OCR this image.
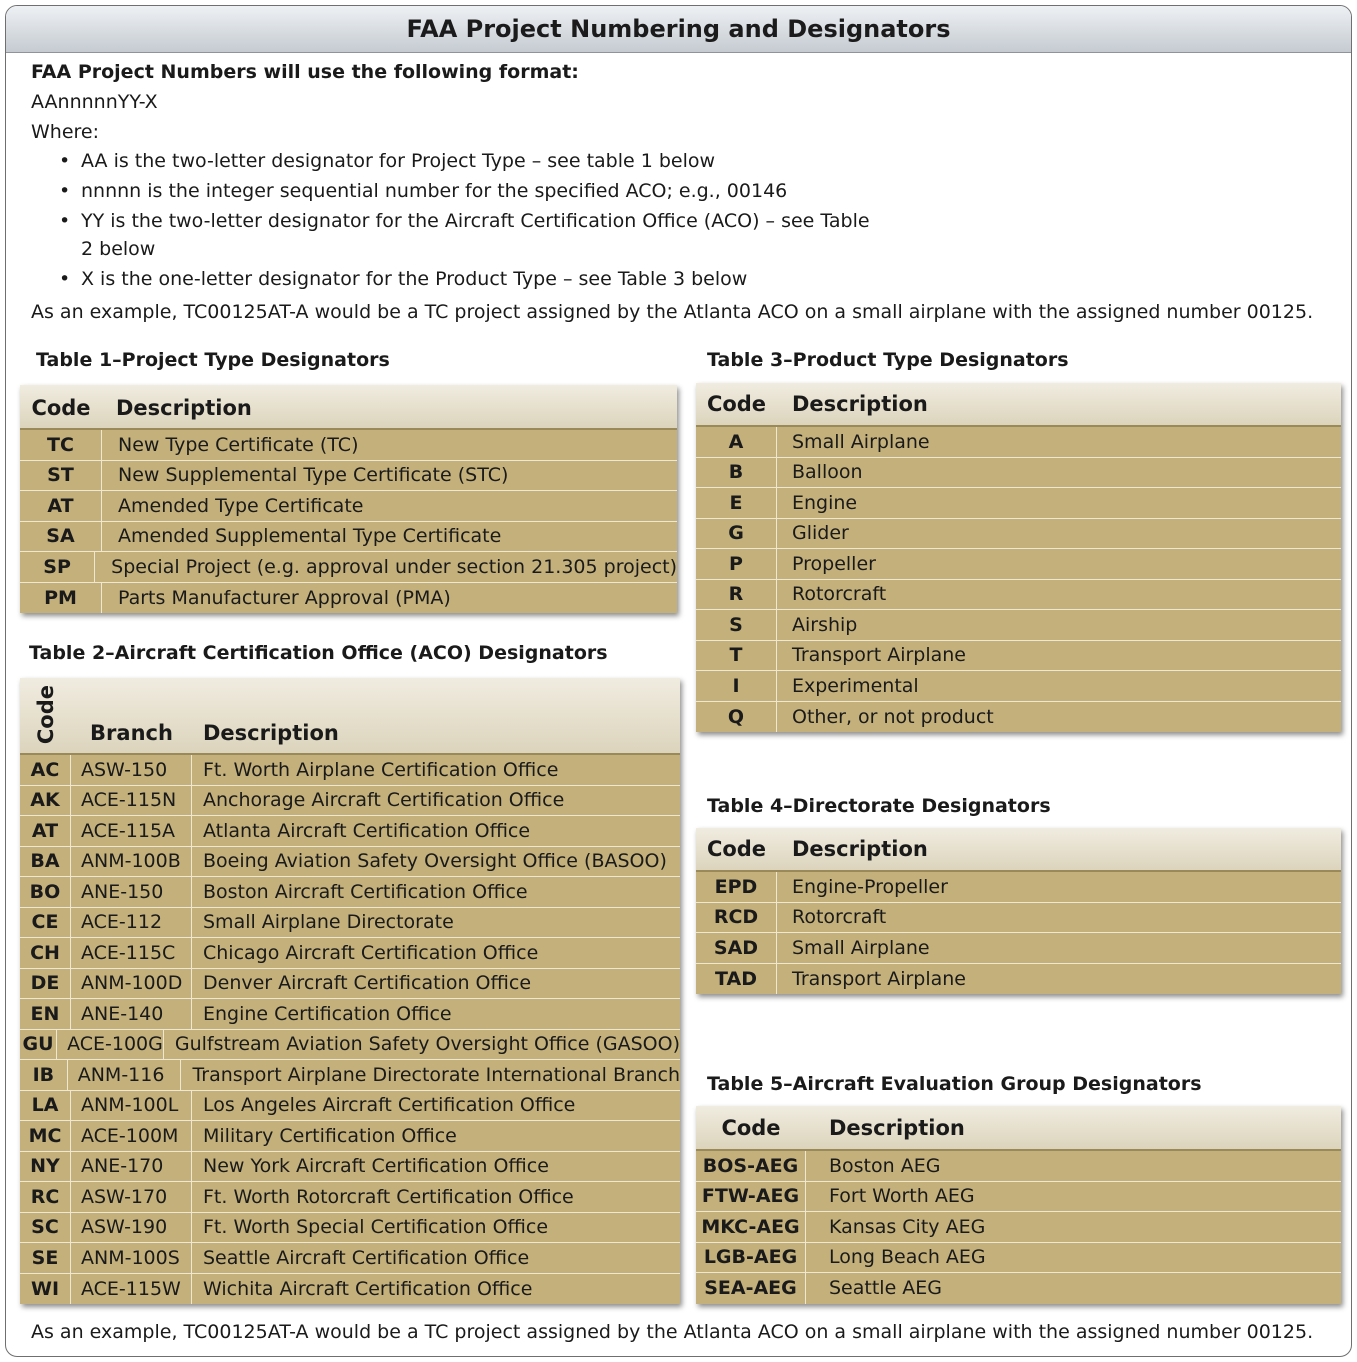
FAA Project Numbering and Designators
FAA Project Numbers will use the following format:
AAnnnnnYY-X
Where:
• AA is the two-letter designator for Project Type – see table 1 below
• nnnnn is the integer sequential number for the specified ACO; e.g., 00146
• YY is the two-letter designator for the Aircraft Certification Office (ACO) – see Table 2 below
• X is the one-letter designator for the Product Type – see Table 3 below
As an example, TC00125AT-A would be a TC project assigned by the Atlanta ACO on a small airplane with the assigned number 00125.
Table 1–Project Type Designators
Code	Description
TC	New Type Certificate (TC)
ST	New Supplemental Type Certificate (STC)
AT	Amended Type Certificate
SA	Amended Supplemental Type Certificate
SP	Special Project (e.g. approval under section 21.305 project)
PM	Parts Manufacturer Approval (PMA)
Table 2–Aircraft Certification Office (ACO) Designators
Code	Branch	Description
AC	ASW-150	Ft. Worth Airplane Certification Office
AK	ACE-115N	Anchorage Aircraft Certification Office
AT	ACE-115A	Atlanta Aircraft Certification Office
BA	ANM-100B	Boeing Aviation Safety Oversight Office (BASOO)
BO	ANE-150	Boston Aircraft Certification Office
CE	ACE-112	Small Airplane Directorate
CH	ACE-115C	Chicago Aircraft Certification Office
DE	ANM-100D	Denver Aircraft Certification Office
EN	ANE-140	Engine Certification Office
GU ACE-100G Gulfstream Aviation Safety Oversight Office (GASOO)
IB	ANM-116	Transport Airplane Directorate International Branch
LA	ANM-100L	Los Angeles Aircraft Certification Office
MC	ACE-100M	Military Certification Office
NY	ANE-170	New York Aircraft Certification Office
RC	ASW-170	Ft. Worth Rotorcraft Certification Office
SC	ASW-190	Ft. Worth Special Certification Office
SE	ANM-100S	Seattle Aircraft Certification Office
WI	ACE-115W	Wichita Aircraft Certification Office
Table 3–Product Type Designators
Code	Description
A	Small Airplane
B	Balloon
E	Engine
G	Glider
P	Propeller
R	Rotorcraft
S	Airship
T	Transport Airplane
I	Experimental
Q	Other, or not product
Table 4–Directorate Designators
Code	Description
EPD	Engine-Propeller
RCD	Rotorcraft
SAD	Small Airplane
TAD	Transport Airplane
Table 5–Aircraft Evaluation Group Designators
Code	Description
BOS-AEG	Boston AEG
FTW-AEG	Fort Worth AEG
MKC-AEG	Kansas City AEG
LGB-AEG	Long Beach AEG
SEA-AEG	Seattle AEG
As an example, TC00125AT-A would be a TC project assigned by the Atlanta ACO on a small airplane with the assigned number 00125.
